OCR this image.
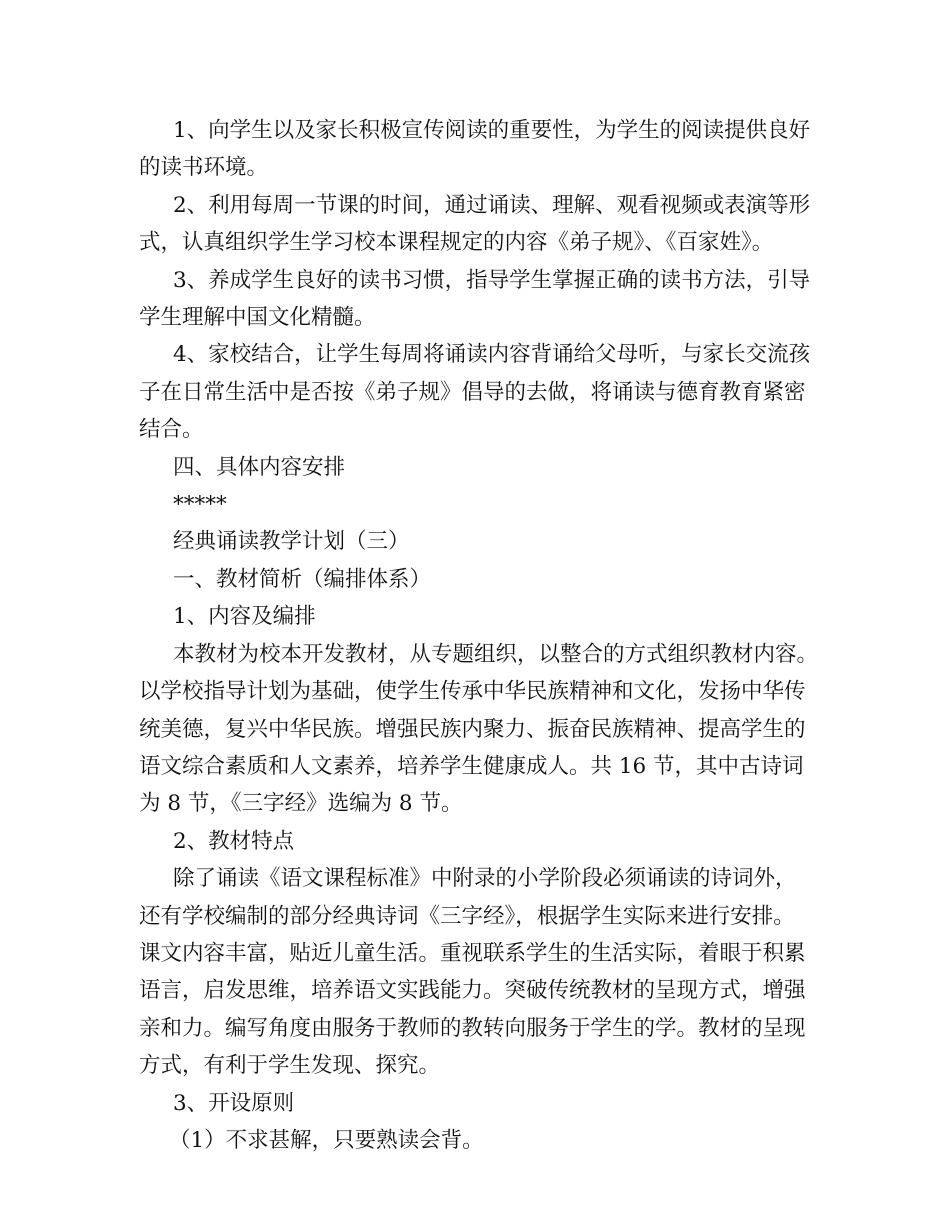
1、向学生以及家长积极宣传阅读的重要性，为学生的阅读提供良好

的读书环境。

2、利用每周一节课的时间，通过诵读、理解、观看视频或表演等形

式，认真组织学生学习校本课程规定的内容《弟子规》、《百家姓》。

3、养成学生良好的读书习惯，指导学生掌握正确的读书方法，引导

学生理解中国文化精髓。

4、家校结合，让学生每周将诵读内容背诵给父母听，与家长交流孩

子在日常生活中是否按《弟子规》倡导的去做，将诵读与德育教育紧密

结合。

四、具体内容安排

*****

经典诵读教学计划（三）

一、教材简析（编排体系）

1、内容及编排

本教材为校本开发教材，从专题组织，以整合的方式组织教材内容。

以学校指导计划为基础，使学生传承中华民族精神和文化，发扬中华传

统美德，复兴中华民族。增强民族内聚力、振奋民族精神、提高学生的

语文综合素质和人文素养，培养学生健康成人。共 16 节，其中古诗词

为 8 节，《三字经》选编为 8 节。

2、教材特点

除了诵读《语文课程标准》中附录的小学阶段必须诵读的诗词外，

还有学校编制的部分经典诗词《三字经》，根据学生实际来进行安排。

课文内容丰富，贴近儿童生活。重视联系学生的生活实际，着眼于积累

语言，启发思维，培养语文实践能力。突破传统教材的呈现方式，增强

亲和力。编写角度由服务于教师的教转向服务于学生的学。教材的呈现

方式，有利于学生发现、探究。

3、开设原则

（1）不求甚解，只要熟读会背。
